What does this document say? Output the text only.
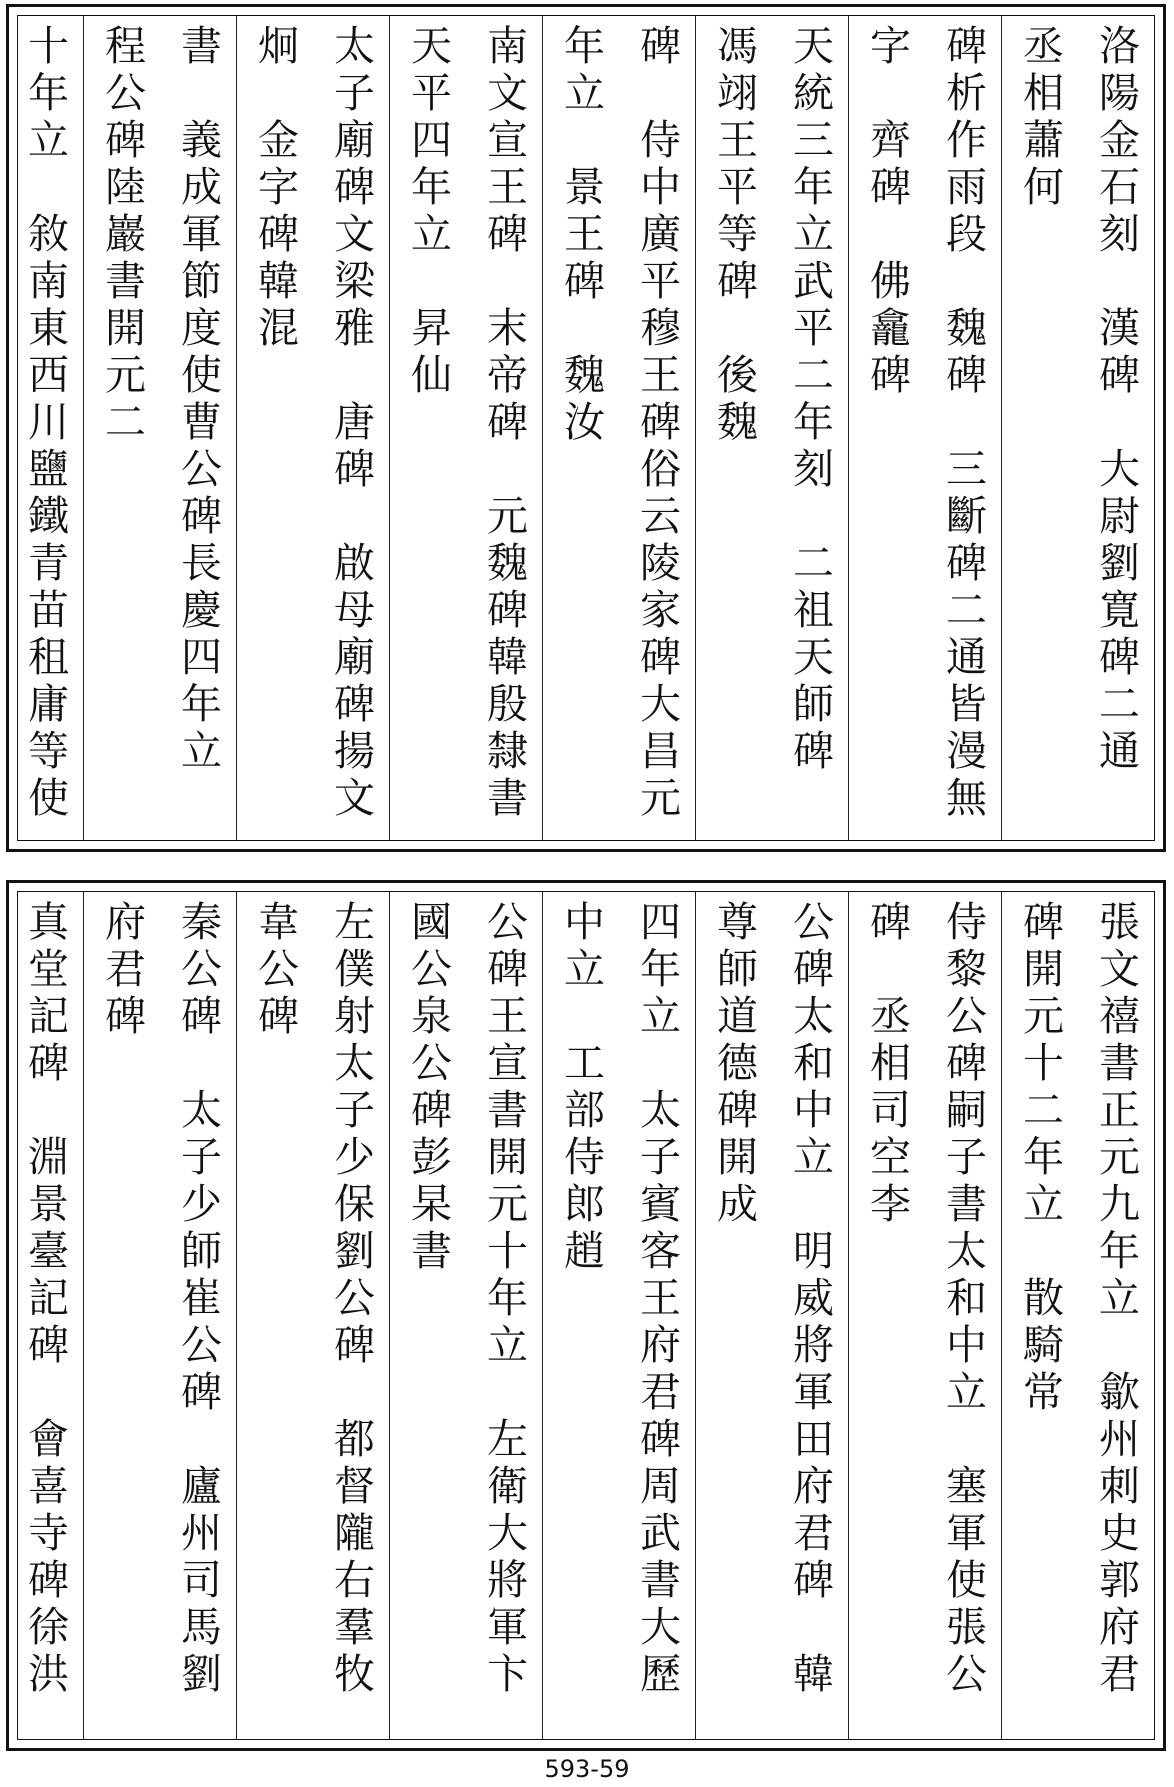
洛陽金石刻　漢碑　大尉劉寛碑二通　丞相蕭何
碑析作雨段　魏碑　三斷碑二通皆漫無字　齊碑　佛龕碑
天統三年立武平二年刻　二祖天師碑　馮翊王平等碑　後魏
碑　侍中廣平穆王碑俗云陵家碑大昌元年立　景王碑　魏汝
南文宣王碑　末帝碑　元魏碑韓殷隸書天平四年立　昇仙
太子廟碑文梁雅　唐碑　啟母廟碑揚文炯　金字碑韓混
書　義成軍節度使曹公碑長慶四年立　程公碑陸巖書開元二
十年立　敘南東西川鹽鐵青苗租庸等使
張文禧書正元九年立　歙州刺史郭府君碑開元十二年立　散騎常
侍黎公碑嗣子書太和中立　塞軍使張公碑　丞相司空李
公碑太和中立　明威將軍田府君碑　韓尊師道德碑開成
四年立　太子賓客王府君碑周武書大歷中立　工部侍郎趙
公碑王宣書開元十年立　左衛大將軍卞國公泉公碑彭杲書
左僕射太子少保劉公碑　都督隴右羣牧韋公碑
秦公碑　太子少師崔公碑　廬州司馬劉府君碑
真堂記碑　淵景臺記碑　會喜寺碑徐洪　
593-59
